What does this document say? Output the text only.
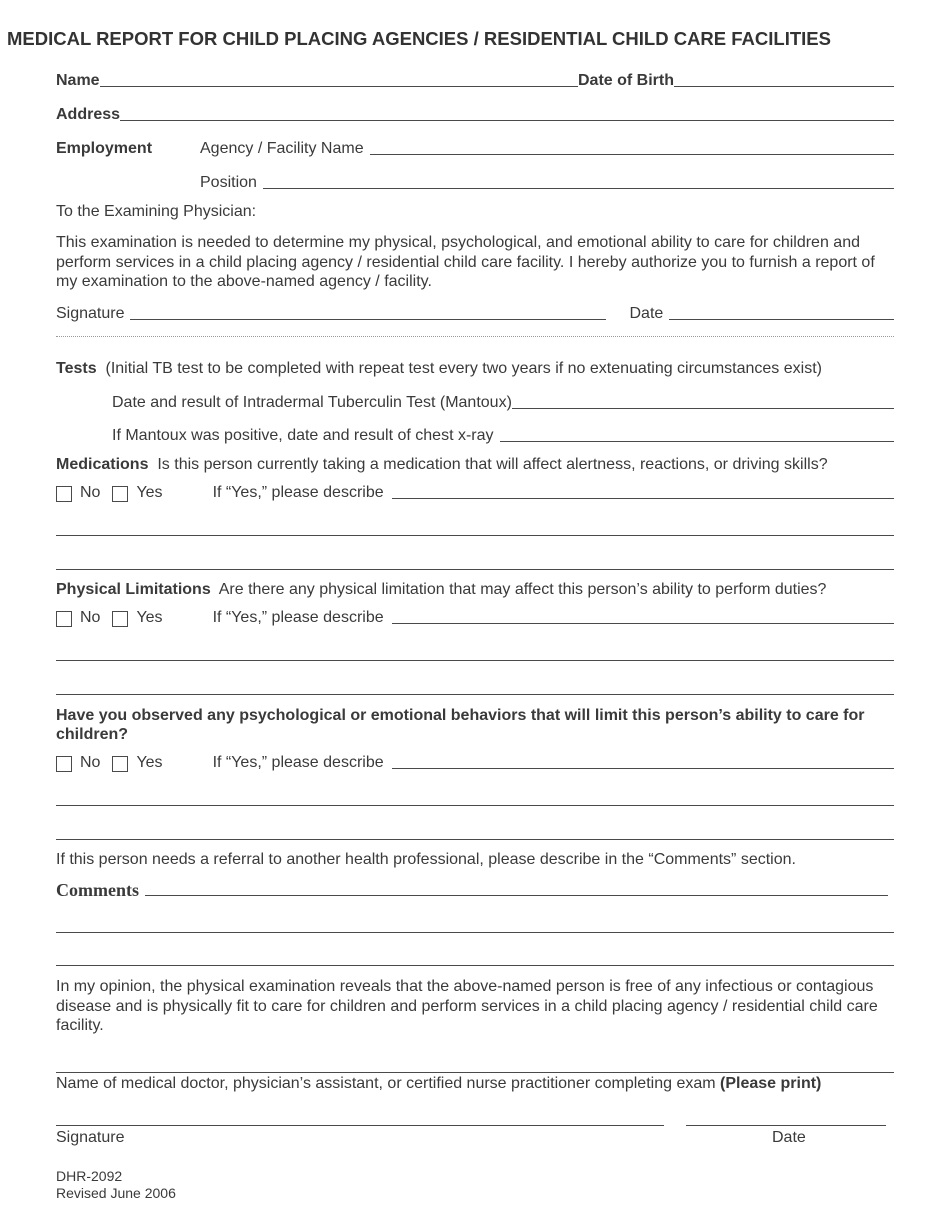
MEDICAL REPORT FOR CHILD PLACING AGENCIES / RESIDENTIAL CHILD CARE FACILITIES
Name	Date of Birth
Address
Employment	Agency / Facility Name
Position
To the Examining Physician:
This examination is needed to determine my physical, psychological, and emotional ability to care for children and perform services in a child placing agency / residential child care facility. I hereby authorize you to furnish a report of my examination to the above-named agency / facility.
Signature	Date
Tests (Initial TB test to be completed with repeat test every two years if no extenuating circumstances exist)
Date and result of Intradermal Tuberculin Test (Mantoux)
If Mantoux was positive, date and result of chest x-ray
Medications Is this person currently taking a medication that will affect alertness, reactions, or driving skills?
No Yes	If “Yes,” please describe
Physical Limitations Are there any physical limitation that may affect this person’s ability to perform duties?
No Yes	If “Yes,” please describe
Have you observed any psychological or emotional behaviors that will limit this person’s ability to care for children?
No Yes	If “Yes,” please describe
If this person needs a referral to another health professional, please describe in the “Comments” section.
Comments
In my opinion, the physical examination reveals that the above-named person is free of any infectious or contagious disease and is physically fit to care for children and perform services in a child placing agency / residential child care facility.
Name of medical doctor, physician’s assistant, or certified nurse practitioner completing exam (Please print)
Signature	Date
DHR-2092
Revised June 2006
